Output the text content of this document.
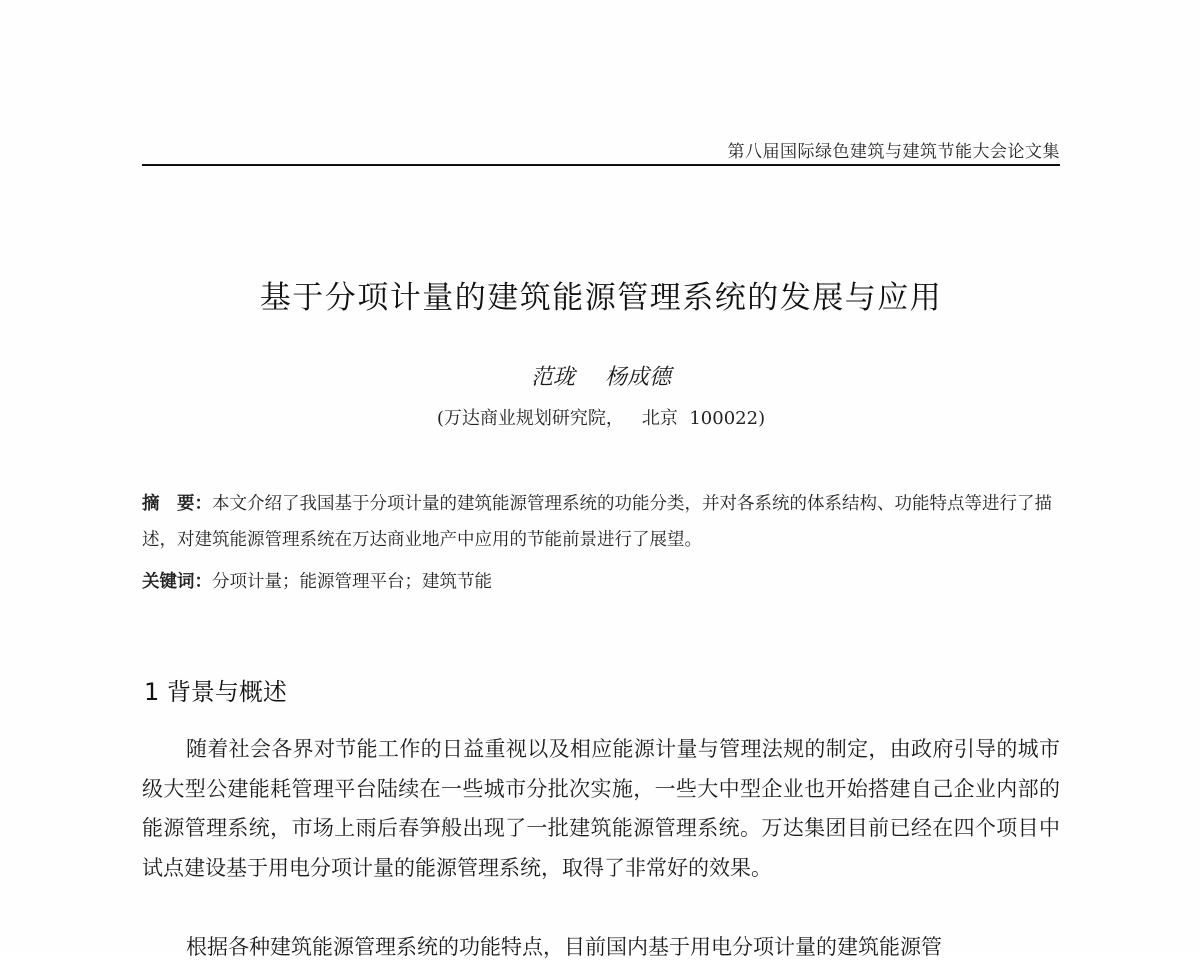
第八届国际绿色建筑与建筑节能大会论文集
基于分项计量的建筑能源管理系统的发展与应用
范珑 杨成德
(万达商业规划研究院， 北京 100022)
摘　要：本文介绍了我国基于分项计量的建筑能源管理系统的功能分类，并对各系统的体系结构、功能特点等进行了描述，对建筑能源管理系统在万达商业地产中应用的节能前景进行了展望。
关键词：分项计量；能源管理平台；建筑节能
1 背景与概述

随着社会各界对节能工作的日益重视以及相应能源计量与管理法规的制定，由政府引导的城市级大型公建能耗管理平台陆续在一些城市分批次实施，一些大中型企业也开始搭建自己企业内部的能源管理系统，市场上雨后春笋般出现了一批建筑能源管理系统。万达集团目前已经在四个项目中试点建设基于用电分项计量的能源管理系统，取得了非常好的效果。

根据各种建筑能源管理系统的功能特点，目前国内基于用电分项计量的建筑能源管
